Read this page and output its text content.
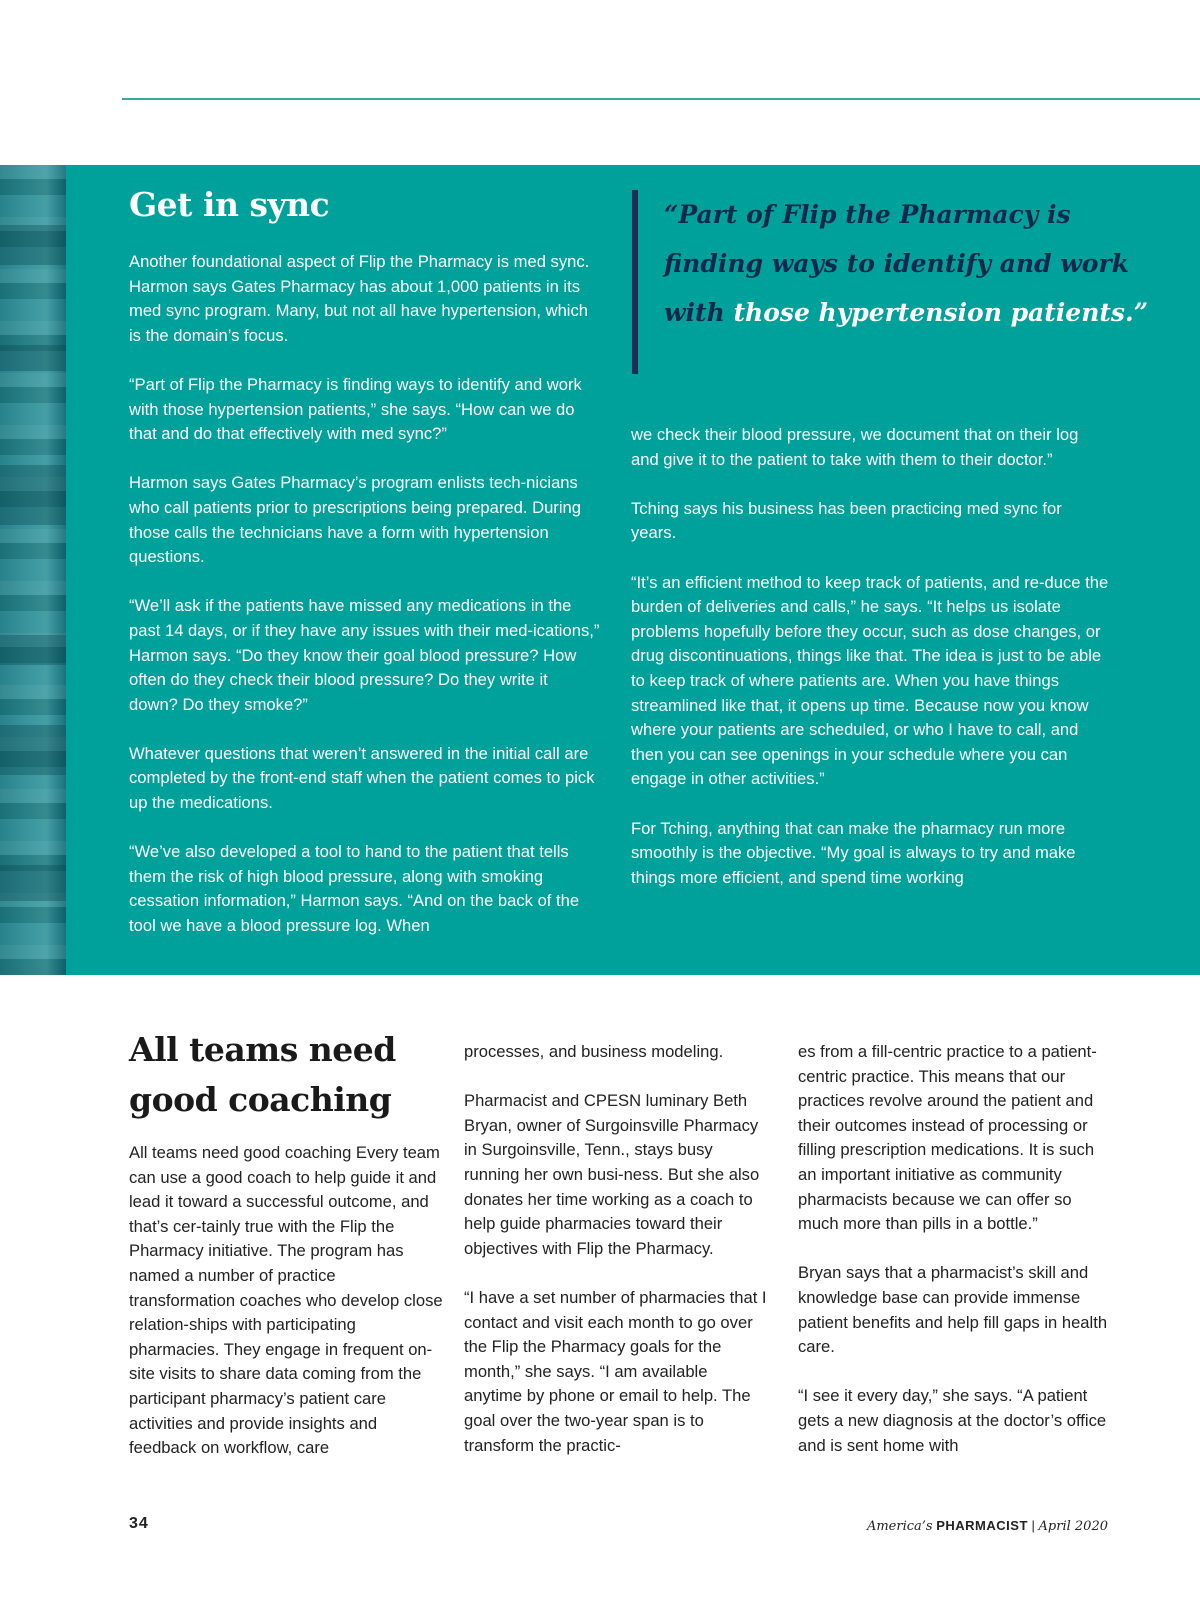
Get in sync

Another foundational aspect of Flip the Pharmacy is med sync. Harmon says Gates Pharmacy has about 1,000 patients in its med sync program. Many, but not all have hypertension, which is the domain’s focus.

“Part of Flip the Pharmacy is finding ways to identify and work with those hypertension patients,” she says. “How can we do that and do that effectively with med sync?”

Harmon says Gates Pharmacy’s program enlists tech-nicians who call patients prior to prescriptions being prepared. During those calls the technicians have a form with hypertension questions.

“We’ll ask if the patients have missed any medications in the past 14 days, or if they have any issues with their med-ications,” Harmon says. “Do they know their goal blood pressure? How often do they check their blood pressure? Do they write it down? Do they smoke?”

Whatever questions that weren’t answered in the initial call are completed by the front-end staff when the patient comes to pick up the medications.

“We’ve also developed a tool to hand to the patient that tells them the risk of high blood pressure, along with smoking cessation information,” Harmon says. “And on the back of the tool we have a blood pressure log. When

“Part of Flip the Pharmacy is finding ways to identify and work with those hypertension patients.”

we check their blood pressure, we document that on their log and give it to the patient to take with them to their doctor.”

Tching says his business has been practicing med sync for years.

“It’s an efficient method to keep track of patients, and re-duce the burden of deliveries and calls,” he says. “It helps us isolate problems hopefully before they occur, such as dose changes, or drug discontinuations, things like that. The idea is just to be able to keep track of where patients are. When you have things streamlined like that, it opens up time. Because now you know where your patients are scheduled, or who I have to call, and then you can see openings in your schedule where you can engage in other activities.”

For Tching, anything that can make the pharmacy run more smoothly is the objective. “My goal is always to try and make things more efficient, and spend time working

All teams need
good coaching

All teams need good coaching Every team can use a good coach to help guide it and lead it toward a successful outcome, and that’s cer-tainly true with the Flip the Pharmacy initiative. The program has named a number of practice transformation coaches who develop close relation-ships with participating pharmacies. They engage in frequent on-site visits to share data coming from the participant pharmacy’s patient care activities and provide insights and feedback on workflow, care

processes, and business modeling.

Pharmacist and CPESN luminary Beth Bryan, owner of Surgoinsville Pharmacy in Surgoinsville, Tenn., stays busy running her own busi-ness. But she also donates her time working as a coach to help guide pharmacies toward their objectives with Flip the Pharmacy.

“I have a set number of pharmacies that I contact and visit each month to go over the Flip the Pharmacy goals for the month,” she says. “I am available anytime by phone or email to help. The goal over the two-year span is to transform the practic-

es from a fill-centric practice to a patient-centric practice. This means that our practices revolve around the patient and their outcomes instead of processing or filling prescription medications. It is such an important initiative as community pharmacists because we can offer so much more than pills in a bottle.”

Bryan says that a pharmacist’s skill and knowledge base can provide immense patient benefits and help fill gaps in health care.

“I see it every day,” she says. “A patient gets a new diagnosis at the doctor’s office and is sent home with

34	America’s PHARMACIST | April 2020
